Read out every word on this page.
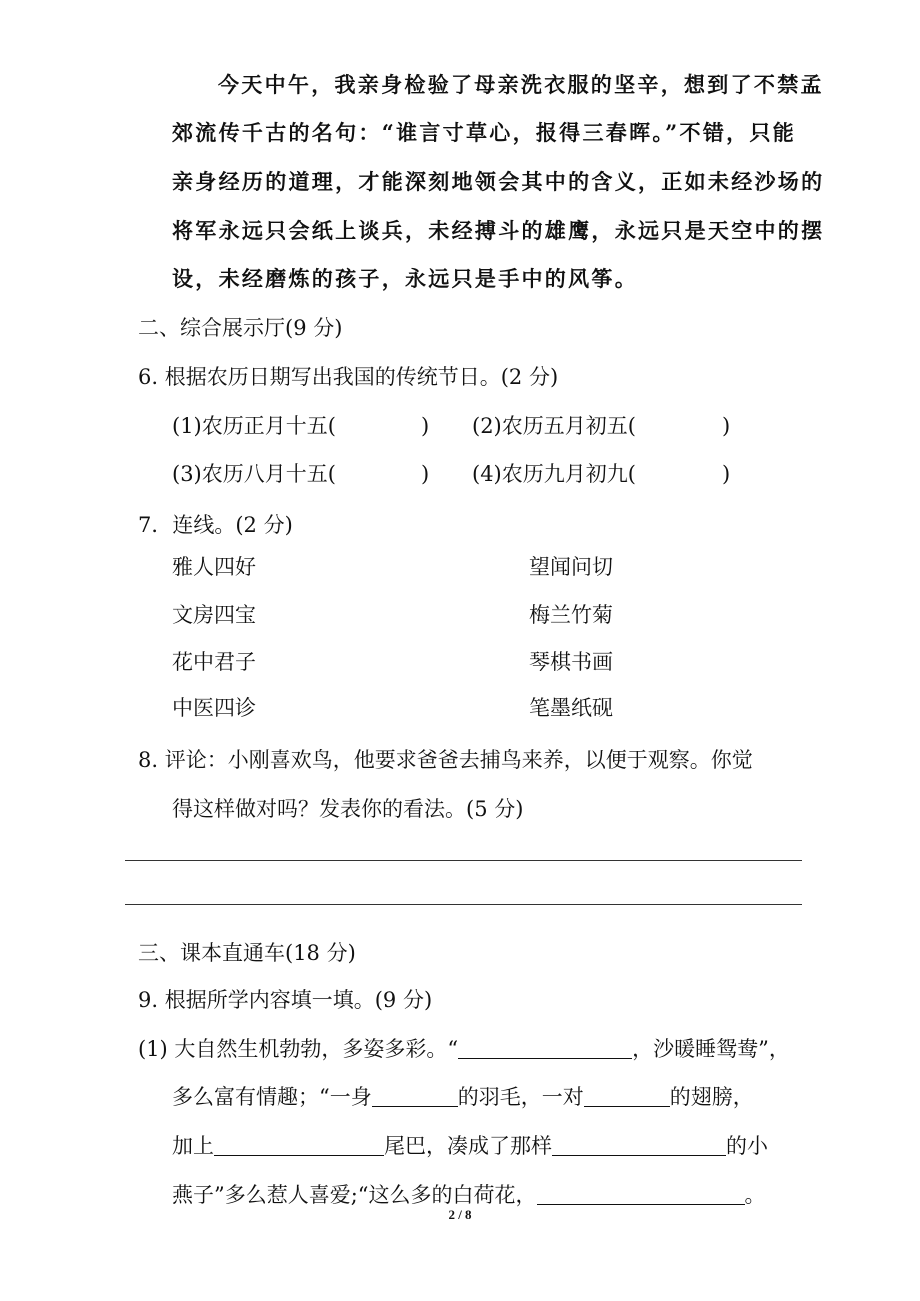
今天中午，我亲身检验了母亲洗衣服的坚辛，想到了不禁孟
郊流传千古的名句：“谁言寸草心，报得三春晖。”不错，只能
亲身经历的道理，才能深刻地领会其中的含义，正如未经沙场的
将军永远只会纸上谈兵，未经搏斗的雄鹰，永远只是天空中的摆
设，未经磨炼的孩子，永远只是手中的风筝。
二、综合展示厅(9 分)
6. 根据农历日期写出我国的传统节日。(2 分)
(1)农历正月十五(	) (2)农历五月初五(	)
(3)农历八月十五(	) (4)农历九月初九(	)
7．连线。(2 分)
雅人四好	望闻问切
文房四宝	梅兰竹菊
花中君子	琴棋书画
中医四诊	笔墨纸砚
8. 评论：小刚喜欢鸟，他要求爸爸去捕鸟来养，以便于观察。你觉
得这样做对吗？发表你的看法。(5 分)
三、课本直通车(18 分)
9. 根据所学内容填一填。(9 分)
(1) 大自然生机勃勃，多姿多彩。“	，沙暖睡鸳鸯”，
多么富有情趣；“一身	的羽毛，一对	的翅膀，
加上	尾巴，凑成了那样	的小
燕子”多么惹人喜爱;“这么多的白荷花，	。
2 / 8
